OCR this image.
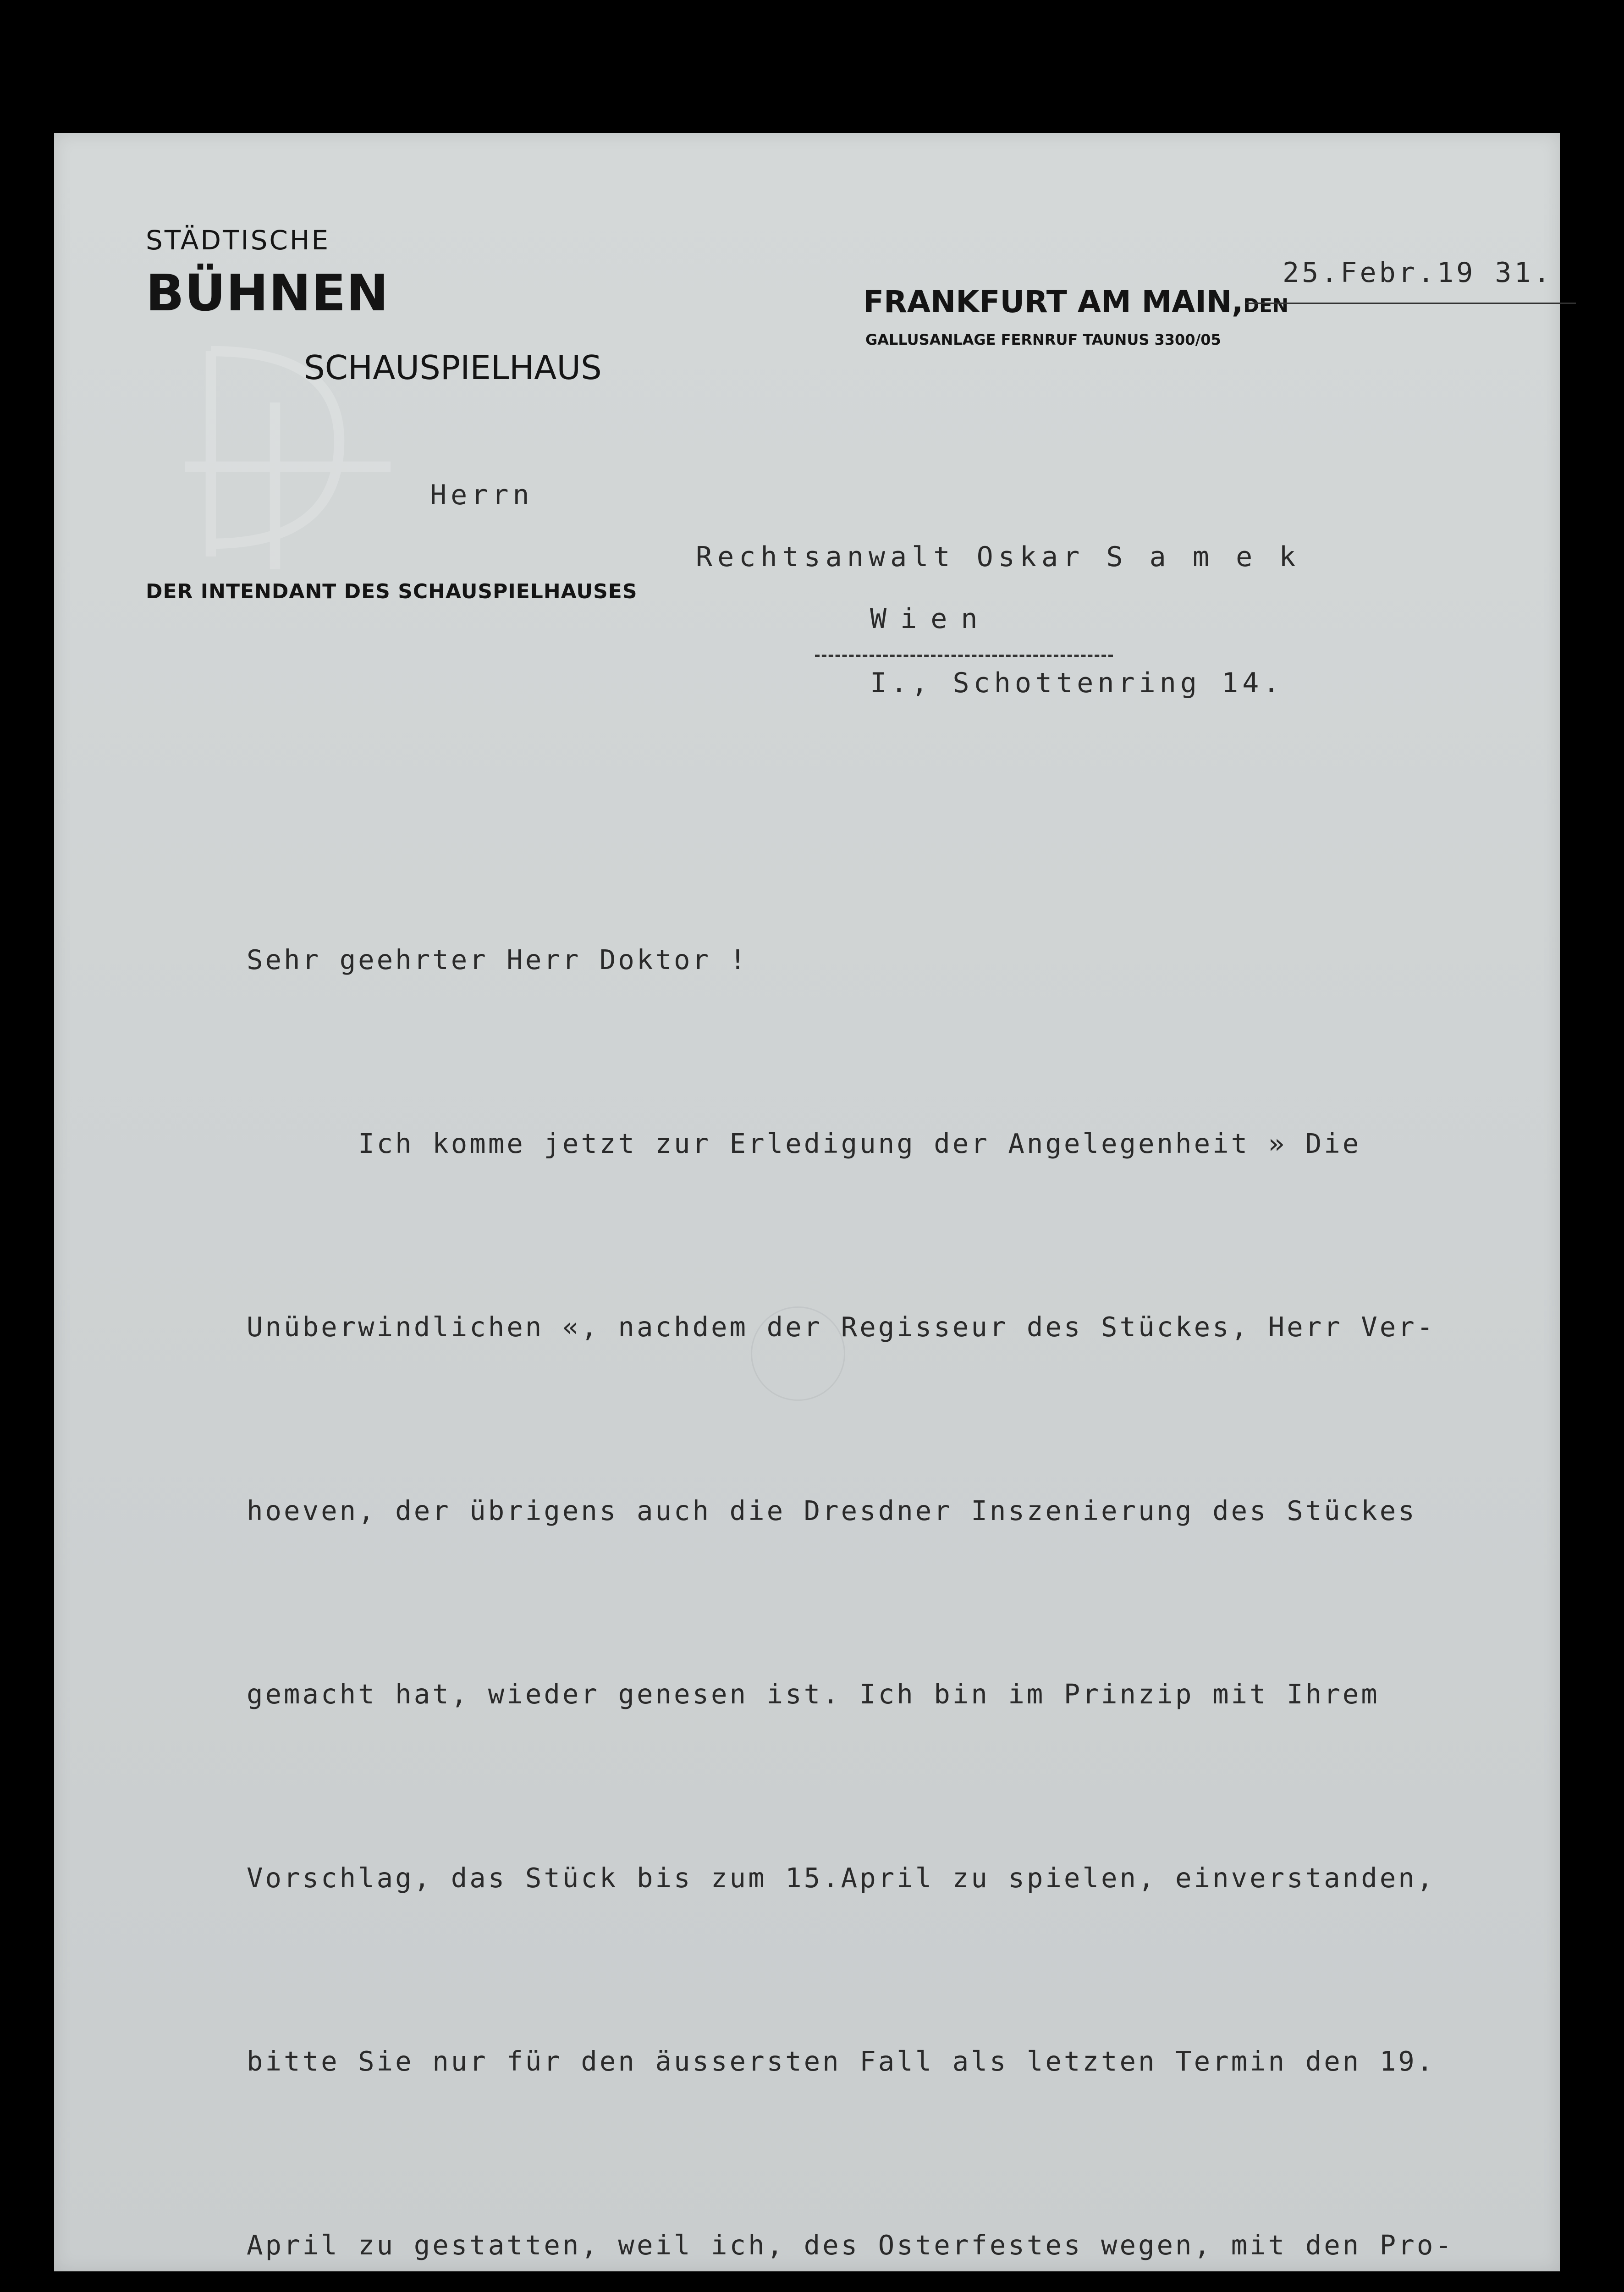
STÄDTISCHE
BÜHNEN
SCHAUSPIELHAUS
DER INTENDANT DES SCHAUSPIELHAUSES
FRANKFURT AM MAIN,DEN
GALLUSANLAGE FERNRUF TAUNUS 3300/05
25.Febr.19 31.
Herrn
Rechtsanwalt Oskar S a m e k
Wien
I., Schottenring 14.

Sehr geehrter Herr Doktor !

Ich komme jetzt zur Erledigung der Angelegenheit » Die

Unüberwindlichen «, nachdem der Regisseur des Stückes, Herr Ver-

hoeven, der übrigens auch die Dresdner Inszenierung des Stückes

gemacht hat, wieder genesen ist. Ich bin im Prinzip mit Ihrem

Vorschlag, das Stück bis zum 15.April zu spielen, einverstanden,

bitte Sie nur für den äussersten Fall als letzten Termin den 19.

April zu gestatten, weil ich, des Osterfestes wegen, mit den Pro-
